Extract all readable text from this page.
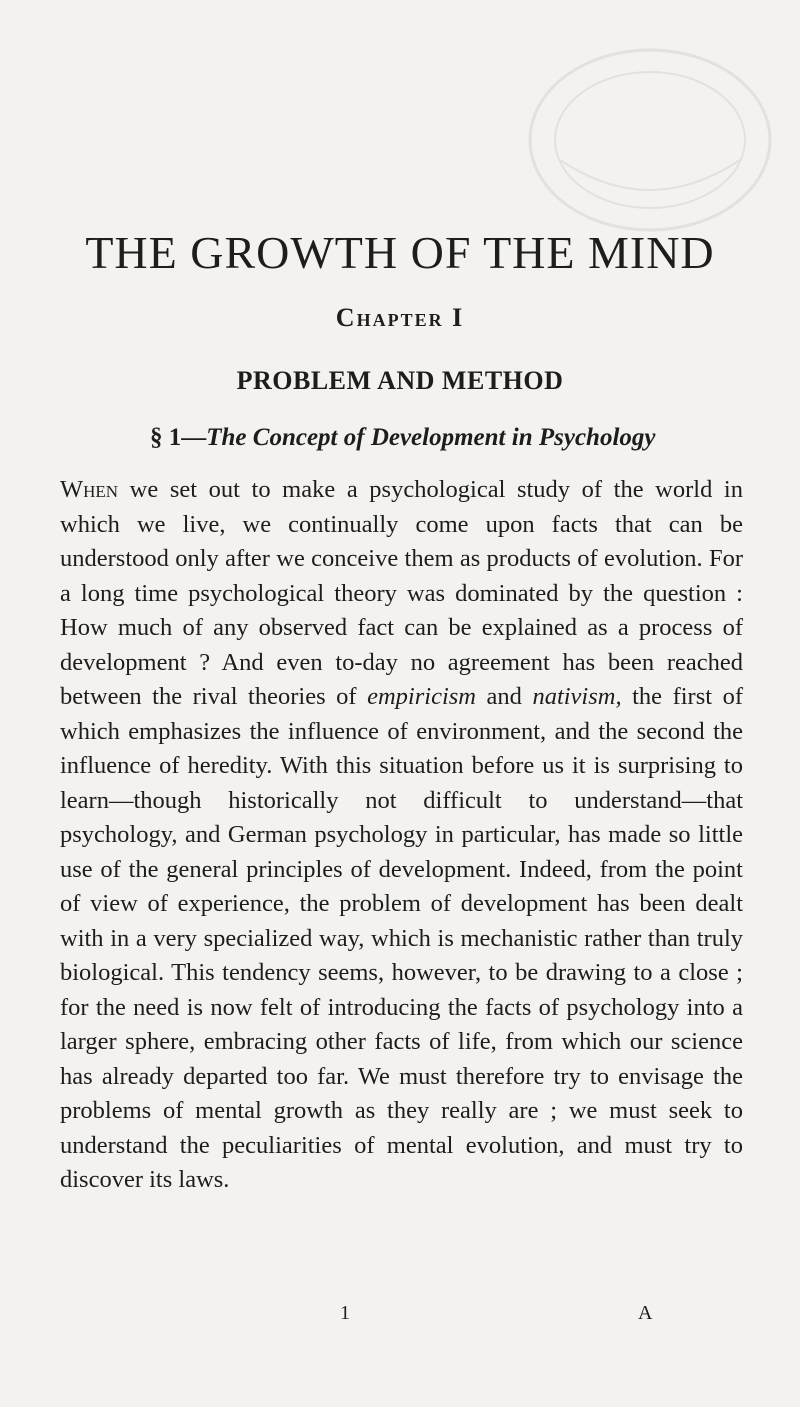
THE GROWTH OF THE MIND
Chapter I
PROBLEM AND METHOD
§ 1—The Concept of Development in Psychology

When we set out to make a psychological study of the world in which we live, we continually come upon facts that can be understood only after we conceive them as products of evolution. For a long time psychological theory was dominated by the question : How much of any observed fact can be explained as a process of development ? And even to-day no agreement has been reached between the rival theories of empiricism and nativism, the first of which emphasizes the influence of environment, and the second the influence of heredity. With this situation before us it is surprising to learn—though historically not difficult to understand—that psychology, and German psychology in particular, has made so little use of the general principles of development. Indeed, from the point of view of experience, the problem of development has been dealt with in a very specialized way, which is mechanistic rather than truly biological. This tendency seems, however, to be drawing to a close ; for the need is now felt of introducing the facts of psychology into a larger sphere, embracing other facts of life, from which our science has already departed too far. We must therefore try to envisage the problems of mental growth as they really are ; we must seek to understand the peculiarities of mental evolution, and must try to discover its laws.

1	A
